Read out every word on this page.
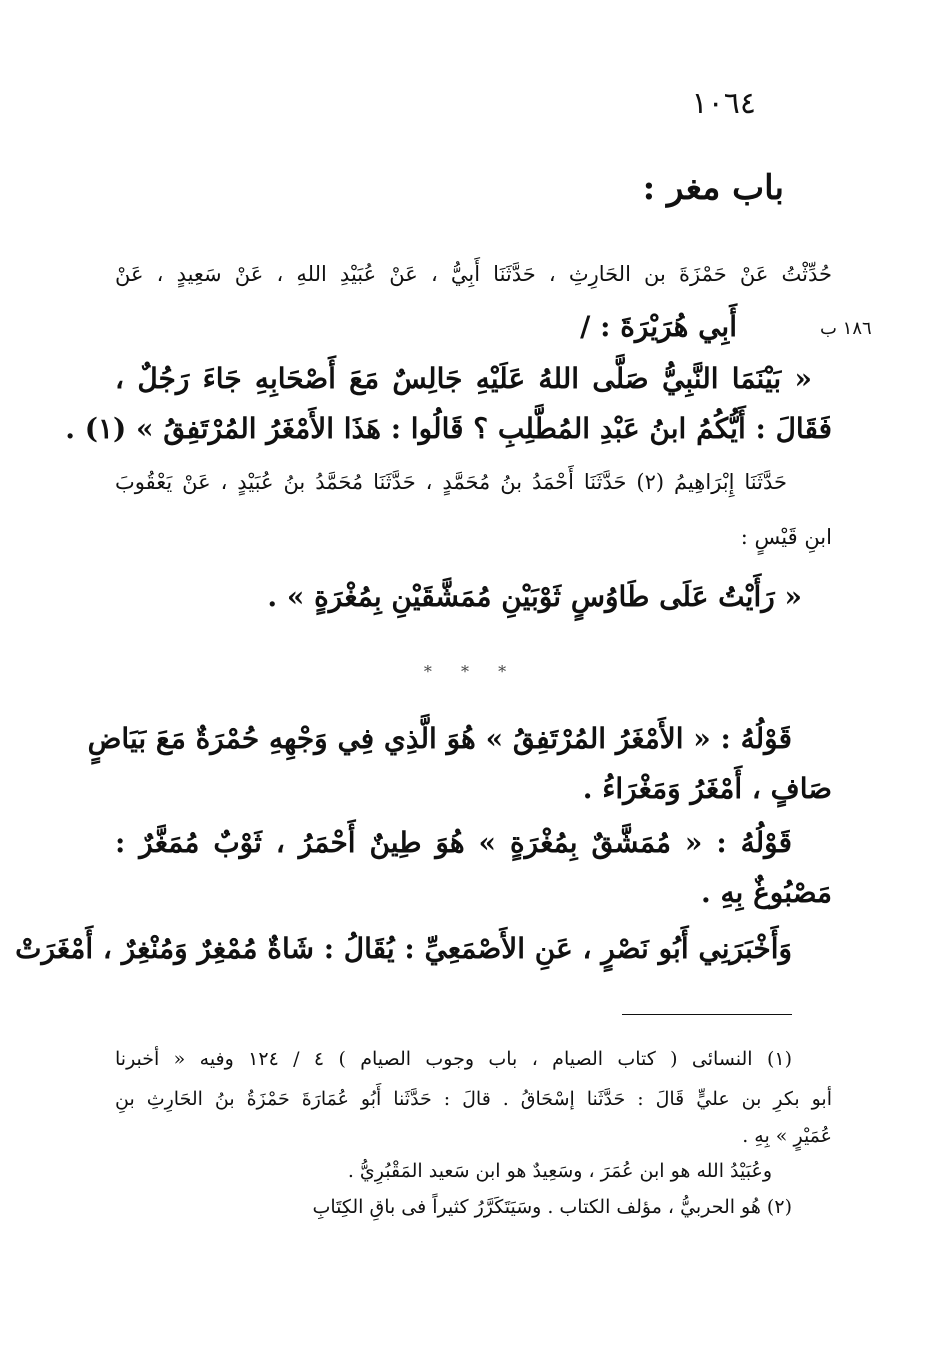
١٠٦٤
باب مغر :
حُدِّثْتُ عَنْ حَمْزَةَ بن الحَارِثِ ، حَدَّثَنَا أَبِيُّ ، عَنْ عُبَيْدِ اللهِ ، عَنْ سَعِيدٍ ، عَنْ
١٨٦ ب
أَبِي هُرَيْرَةَ : /
« بَيْنَمَا النَّبِيُّ صَلَّى اللهُ عَلَيْهِ جَالِسٌ مَعَ أَصْحَابِهِ جَاءَ رَجُلٌ ،
فَقَالَ : أَيُّكُمُ ابنُ عَبْدِ المُطَّلِبِ ؟ قَالُوا : هَذَا الأَمْغَرُ المُرْتَفِقُ » (١) .
حَدَّثَنَا إِبْرَاهِيمُ (٢) حَدَّثَنَا أَحْمَدُ بنُ مُحَمَّدٍ ، حَدَّثَنَا مُحَمَّدُ بنُ عُبَيْدٍ ، عَنْ يَعْقُوبَ
ابنِ قَيْسٍ :
« رَأَيْتُ عَلَى طَاوُسٍ ثَوْبَيْنِ مُمَشَّقَيْنِ بِمُغْرَةٍ » .
* * *
قَوْلُهُ : « الأَمْغَرُ المُرْتَفِقُ » هُوَ الَّذِي فِي وَجْهِهِ حُمْرَةٌ مَعَ بَيَاضٍ
صَافٍ ، أَمْغَرُ وَمَغْرَاءُ .
قَوْلُهُ : « مُمَشَّقٌ بِمُغْرَةٍ » هُوَ طِينٌ أَحْمَرُ ، ثَوْبٌ مُمَغَّرٌ :
مَصْبُوغٌ بِهِ .
وَأَخْبَرَنِي أَبُو نَصْرٍ ، عَنِ الأَصْمَعِيِّ : يُقَالُ : شَاةٌ مُمْغِرٌ وَمُنْغِرٌ ، أَمْغَرَتْ
(١) النسائى ( كتاب الصيام ، باب وجوب الصيام ) ٤ / ١٢٤ وفيه « أخبرنا
أبو بكرِ بن عليٍّ قَالَ : حَدَّثَنا إسْحَاقُ . قالَ : حَدَّثَنا أَبُو عُمَارَةَ حَمْزَةُ بنُ الحَارِثِ بنِ
عُمَيْرٍ » بِهِ .
وعُبَيْدُ الله هو ابن عُمَرَ ، وسَعِيدٌ هو ابن سَعيد المَقْبُرِيُّ .
(٢) هُو الحربيُّ ، مؤلف الكتاب . وسَيَتَكَرَّرُ كثيراً فى باقِ الكِتَابِ
